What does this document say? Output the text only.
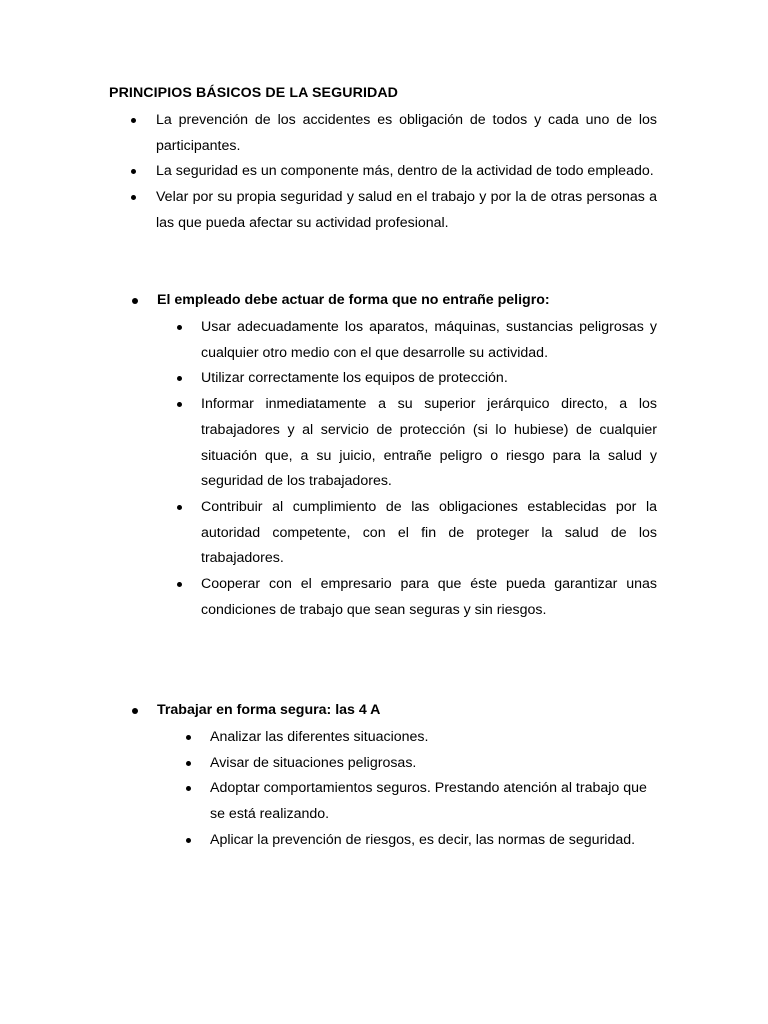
PRINCIPIOS BÁSICOS DE LA SEGURIDAD
La prevención de los accidentes es obligación de todos y cada uno de los participantes.
La seguridad es un componente más, dentro de la actividad de todo empleado.
Velar por su propia seguridad y salud en el trabajo y por la de otras personas a las que pueda afectar su actividad profesional.
El empleado debe actuar de forma que no entrañe peligro:
Usar adecuadamente los aparatos, máquinas, sustancias peligrosas y cualquier otro medio con el que desarrolle su actividad.
Utilizar correctamente los equipos de protección.
Informar inmediatamente a su superior jerárquico directo, a los trabajadores y al servicio de protección (si lo hubiese) de cualquier situación que, a su juicio, entrañe peligro o riesgo para la salud y seguridad de los trabajadores.
Contribuir al cumplimiento de las obligaciones establecidas por la autoridad competente, con el fin de proteger la salud de los trabajadores.
Cooperar con el empresario para que éste pueda garantizar unas condiciones de trabajo que sean seguras y sin riesgos.
Trabajar en forma segura: las 4 A
Analizar las diferentes situaciones.
Avisar de situaciones peligrosas.
Adoptar comportamientos seguros. Prestando atención al trabajo que se está realizando.
Aplicar la prevención de riesgos, es decir, las normas de seguridad.
